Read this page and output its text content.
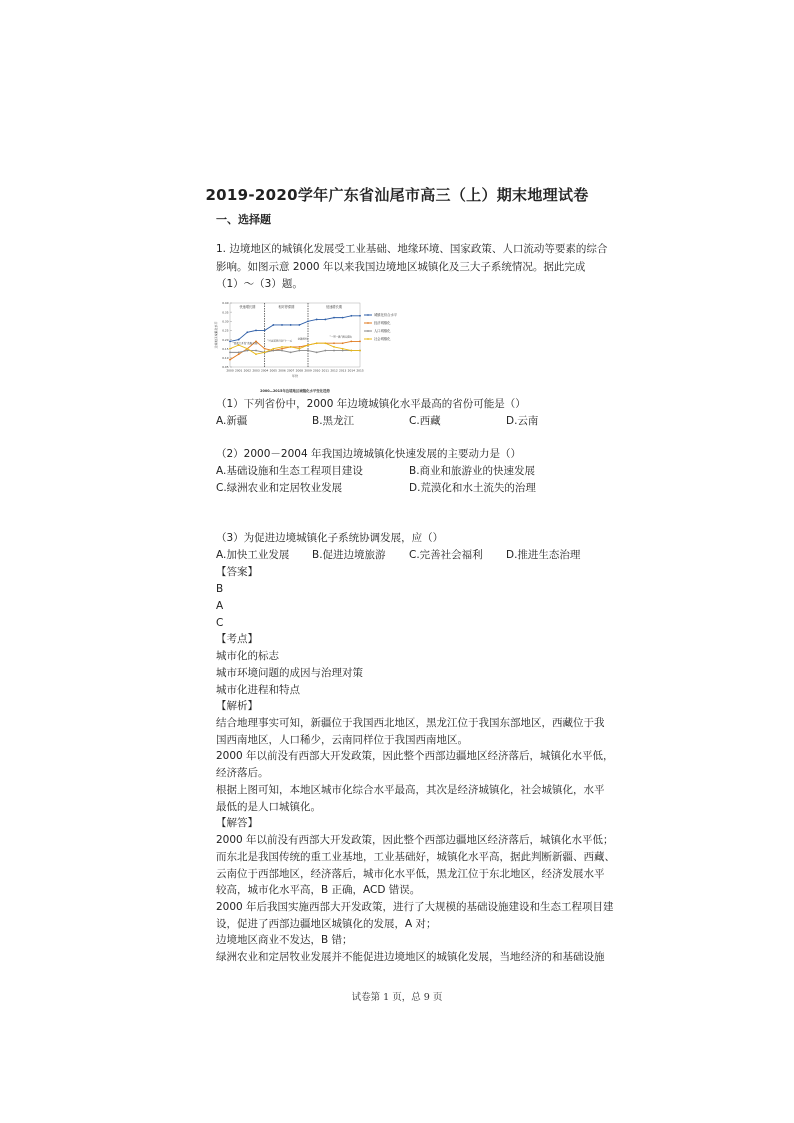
2019-2020学年广东省汕尾市高三（上）期末地理试卷
一、选择题
1. 边境地区的城镇化发展受工业基础、地缘环境、国家政策、人口流动等要素的综合
影响。如图示意 2000 年以来我国边境地区城镇化及三大子系统情况。据此完成
（1）～（3）题。
0.05
0.10
0.15
0.20
0.25
0.30
0.35
0.40
快速增长期	相对停滞期	低速增长期
城镇化综合水平
经济城镇化
人口城镇化
社会城镇化
"西部大开发"战略实施
"兴边富民行动"十一五
金融危机
"一带一路"倡议提出
2000 2001 2002 2003 2004 2005 2006 2007 2008 2009 2010 2011 2012 2013 2014 2015
年份
边境地区城镇化水平
2000—2015年边境地区城镇化水平变化趋势
（1）下列省份中，2000 年边境城镇化水平最高的省份可能是（）
A.新疆	B.黑龙江	C.西藏	D.云南
（2）2000－2004 年我国边境城镇化快速发展的主要动力是（）
A.基础设施和生态工程项目建设	B.商业和旅游业的快速发展
C.绿洲农业和定居牧业发展	D.荒漠化和水土流失的治理
（3）为促进边境城镇化子系统协调发展，应（）
A.加快工业发展 B.促进边境旅游 C.完善社会福利 D.推进生态治理
【答案】
B
A
C
【考点】
城市化的标志
城市环境问题的成因与治理对策
城市化进程和特点
【解析】
结合地理事实可知，新疆位于我国西北地区，黑龙江位于我国东部地区，西藏位于我
国西南地区，人口稀少，云南同样位于我国西南地区。
2000 年以前没有西部大开发政策，因此整个西部边疆地区经济落后，城镇化水平低，
经济落后。
根据上图可知，本地区城市化综合水平最高，其次是经济城镇化，社会城镇化，水平
最低的是人口城镇化。
【解答】
2000 年以前没有西部大开发政策，因此整个西部边疆地区经济落后，城镇化水平低；
而东北是我国传统的重工业基地，工业基础好，城镇化水平高，据此判断新疆、西藏、
云南位于西部地区，经济落后，城市化水平低，黑龙江位于东北地区，经济发展水平
较高，城市化水平高，B 正确，ACD 错误。
2000 年后我国实施西部大开发政策，进行了大规模的基础设施建设和生态工程项目建
设，促进了西部边疆地区城镇化的发展，A 对；
边境地区商业不发达，B 错；
绿洲农业和定居牧业发展并不能促进边境地区的城镇化发展，当地经济的和基础设施
试卷第 1 页，总 9 页
